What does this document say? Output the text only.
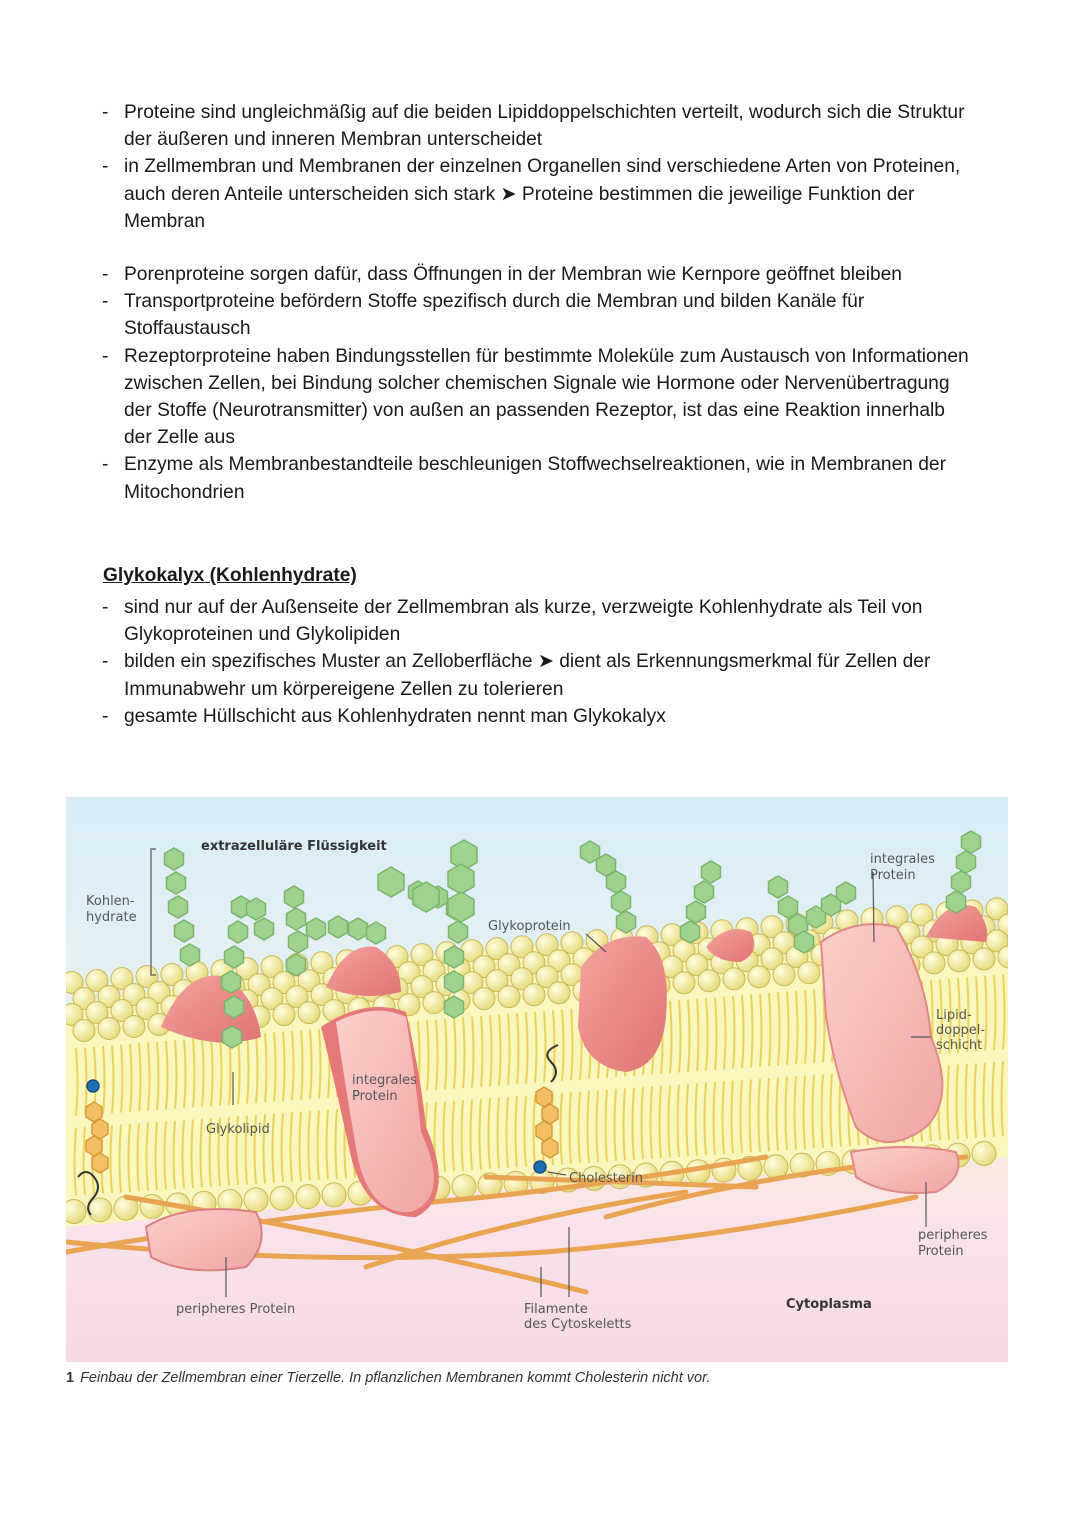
- Proteine sind ungleichmäßig auf die beiden Lipiddoppelschichten verteilt, wodurch sich die Struktur der äußeren und inneren Membran unterscheidet
- in Zellmembran und Membranen der einzelnen Organellen sind verschiedene Arten von Proteinen, auch deren Anteile unterscheiden sich stark ➤ Proteine bestimmen die jeweilige Funktion der Membran
- Porenproteine sorgen dafür, dass Öffnungen in der Membran wie Kernpore geöffnet bleiben
- Transportproteine befördern Stoffe spezifisch durch die Membran und bilden Kanäle für Stoffaustausch
- Rezeptorproteine haben Bindungsstellen für bestimmte Moleküle zum Austausch von Informationen zwischen Zellen, bei Bindung solcher chemischen Signale wie Hormone oder Nervenübertragung der Stoffe (Neurotransmitter) von außen an passenden Rezeptor, ist das eine Reaktion innerhalb der Zelle aus
- Enzyme als Membranbestandteile beschleunigen Stoffwechselreaktionen, wie in Membranen der Mitochondrien
Glykokalyx (Kohlenhydrate)
- sind nur auf der Außenseite der Zellmembran als kurze, verzweigte Kohlenhydrate als Teil von Glykoproteinen und Glykolipiden
- bilden ein spezifisches Muster an Zelloberfläche ➤ dient als Erkennungsmerkmal für Zellen der Immunabwehr um körpereigene Zellen zu tolerieren
- gesamte Hüllschicht aus Kohlenhydraten nennt man Glykokalyx
extrazelluläre Flüssigkeit
Kohlen-
hydrate
Glykoprotein
integrales
Protein
Lipid-
doppel-
schicht
integrales
Protein
Glykolipid
Cholesterin
peripheres
Protein
peripheres Protein	Filamente
des Cytoskeletts
Cytoplasma
1 Feinbau der Zellmembran einer Tierzelle. In pflanzlichen Membranen kommt Cholesterin nicht vor.
